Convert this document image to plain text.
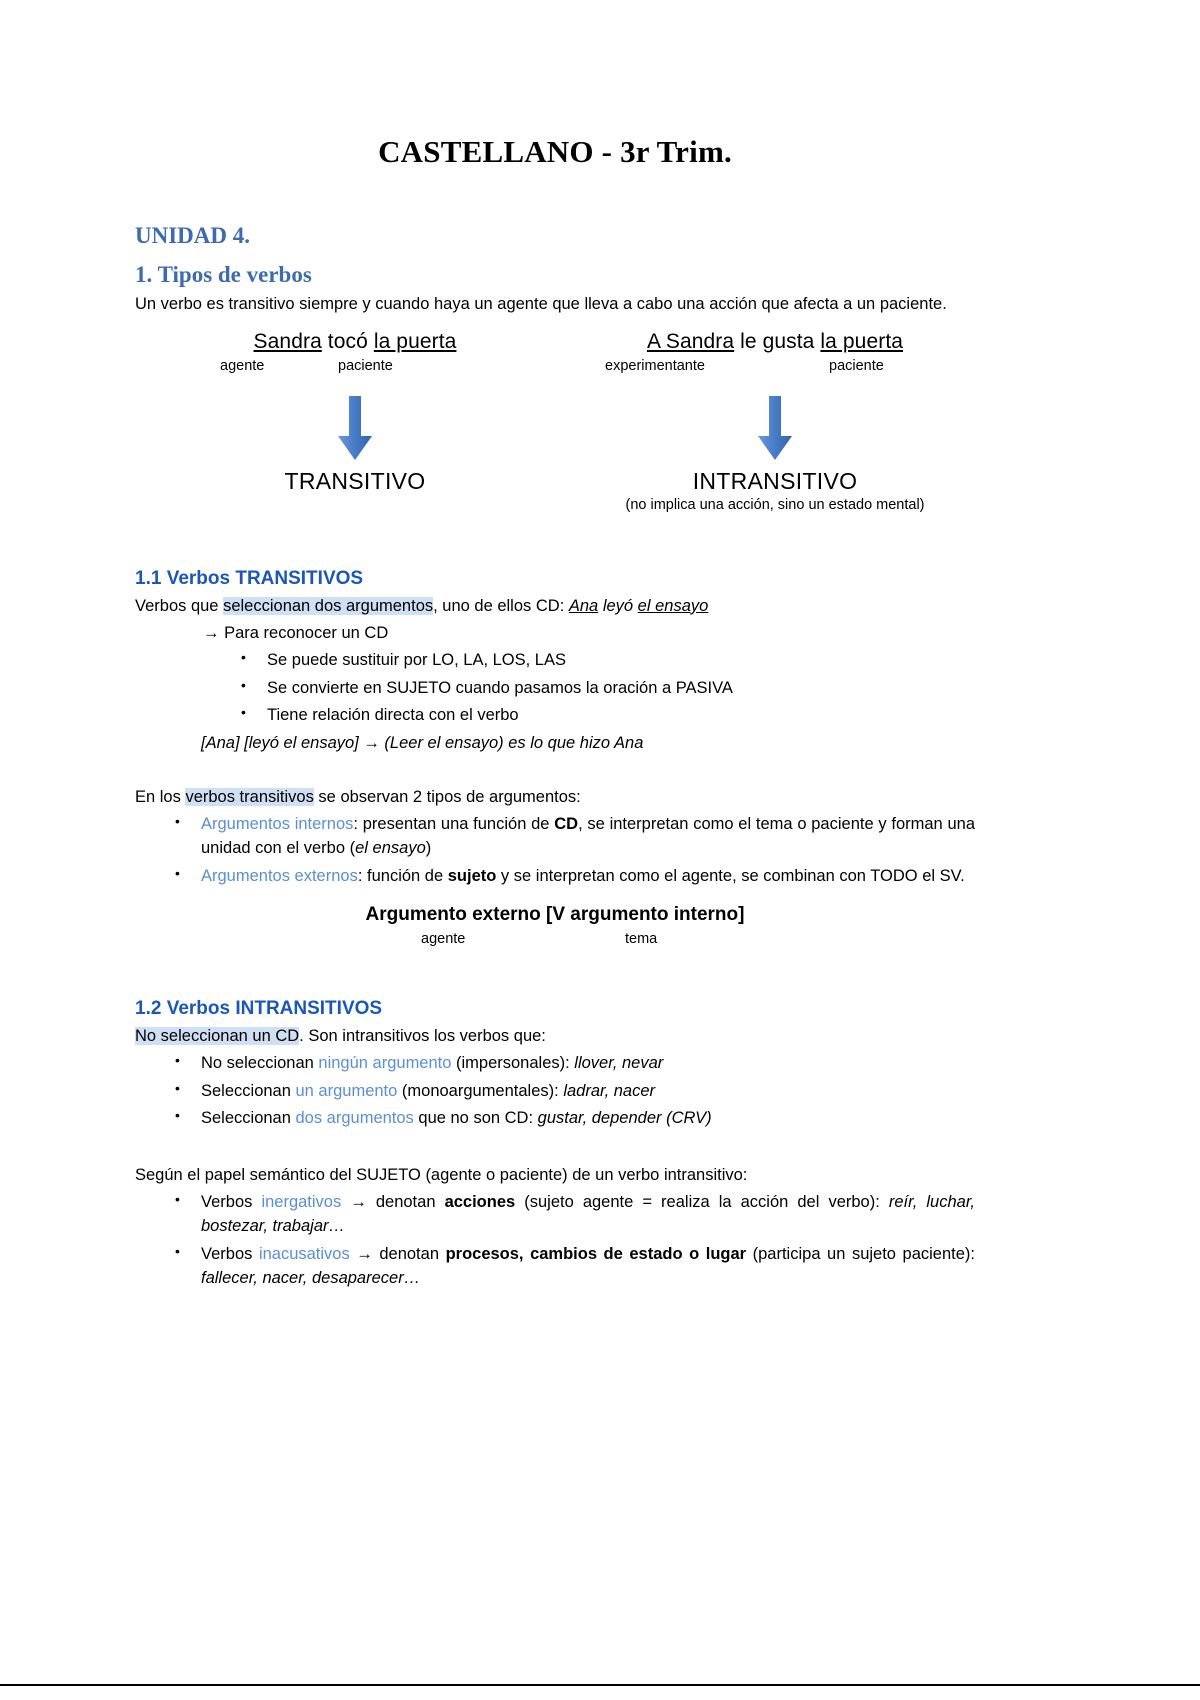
CASTELLANO - 3r Trim.
UNIDAD 4.
1. Tipos de verbos

Un verbo es transitivo siempre y cuando haya un agente que lleva a cabo una acción que afecta a un paciente.

Sandra tocó la puerta
agente	paciente
TRANSITIVO
A Sandra le gusta la puerta
experimentante	paciente
INTRANSITIVO
(no implica una acción, sino un estado mental)
1.1 Verbos TRANSITIVOS
Verbos que seleccionan dos argumentos, uno de ellos CD: Ana leyó el ensayo
→ Para reconocer un CD
• Se puede sustituir por LO, LA, LOS, LAS
• Se convierte en SUJETO cuando pasamos la oración a PASIVA
• Tiene relación directa con el verbo
[Ana] [leyó el ensayo] → (Leer el ensayo) es lo que hizo Ana
En los verbos transitivos se observan 2 tipos de argumentos:
• Argumentos internos: presentan una función de CD, se interpretan como el tema o paciente y forman una unidad con el verbo (el ensayo)
• Argumentos externos: función de sujeto y se interpretan como el agente, se combinan con TODO el SV.
Argumento externo [V argumento interno]
agente	tema
1.2 Verbos INTRANSITIVOS
No seleccionan un CD. Son intransitivos los verbos que:
• No seleccionan ningún argumento (impersonales): llover, nevar
• Seleccionan un argumento (monoargumentales): ladrar, nacer
• Seleccionan dos argumentos que no son CD: gustar, depender (CRV)
Según el papel semántico del SUJETO (agente o paciente) de un verbo intransitivo:
• Verbos inergativos → denotan acciones (sujeto agente = realiza la acción del verbo): reír, luchar, bostezar, trabajar…
• Verbos inacusativos → denotan procesos, cambios de estado o lugar (participa un sujeto paciente): fallecer, nacer, desaparecer…
